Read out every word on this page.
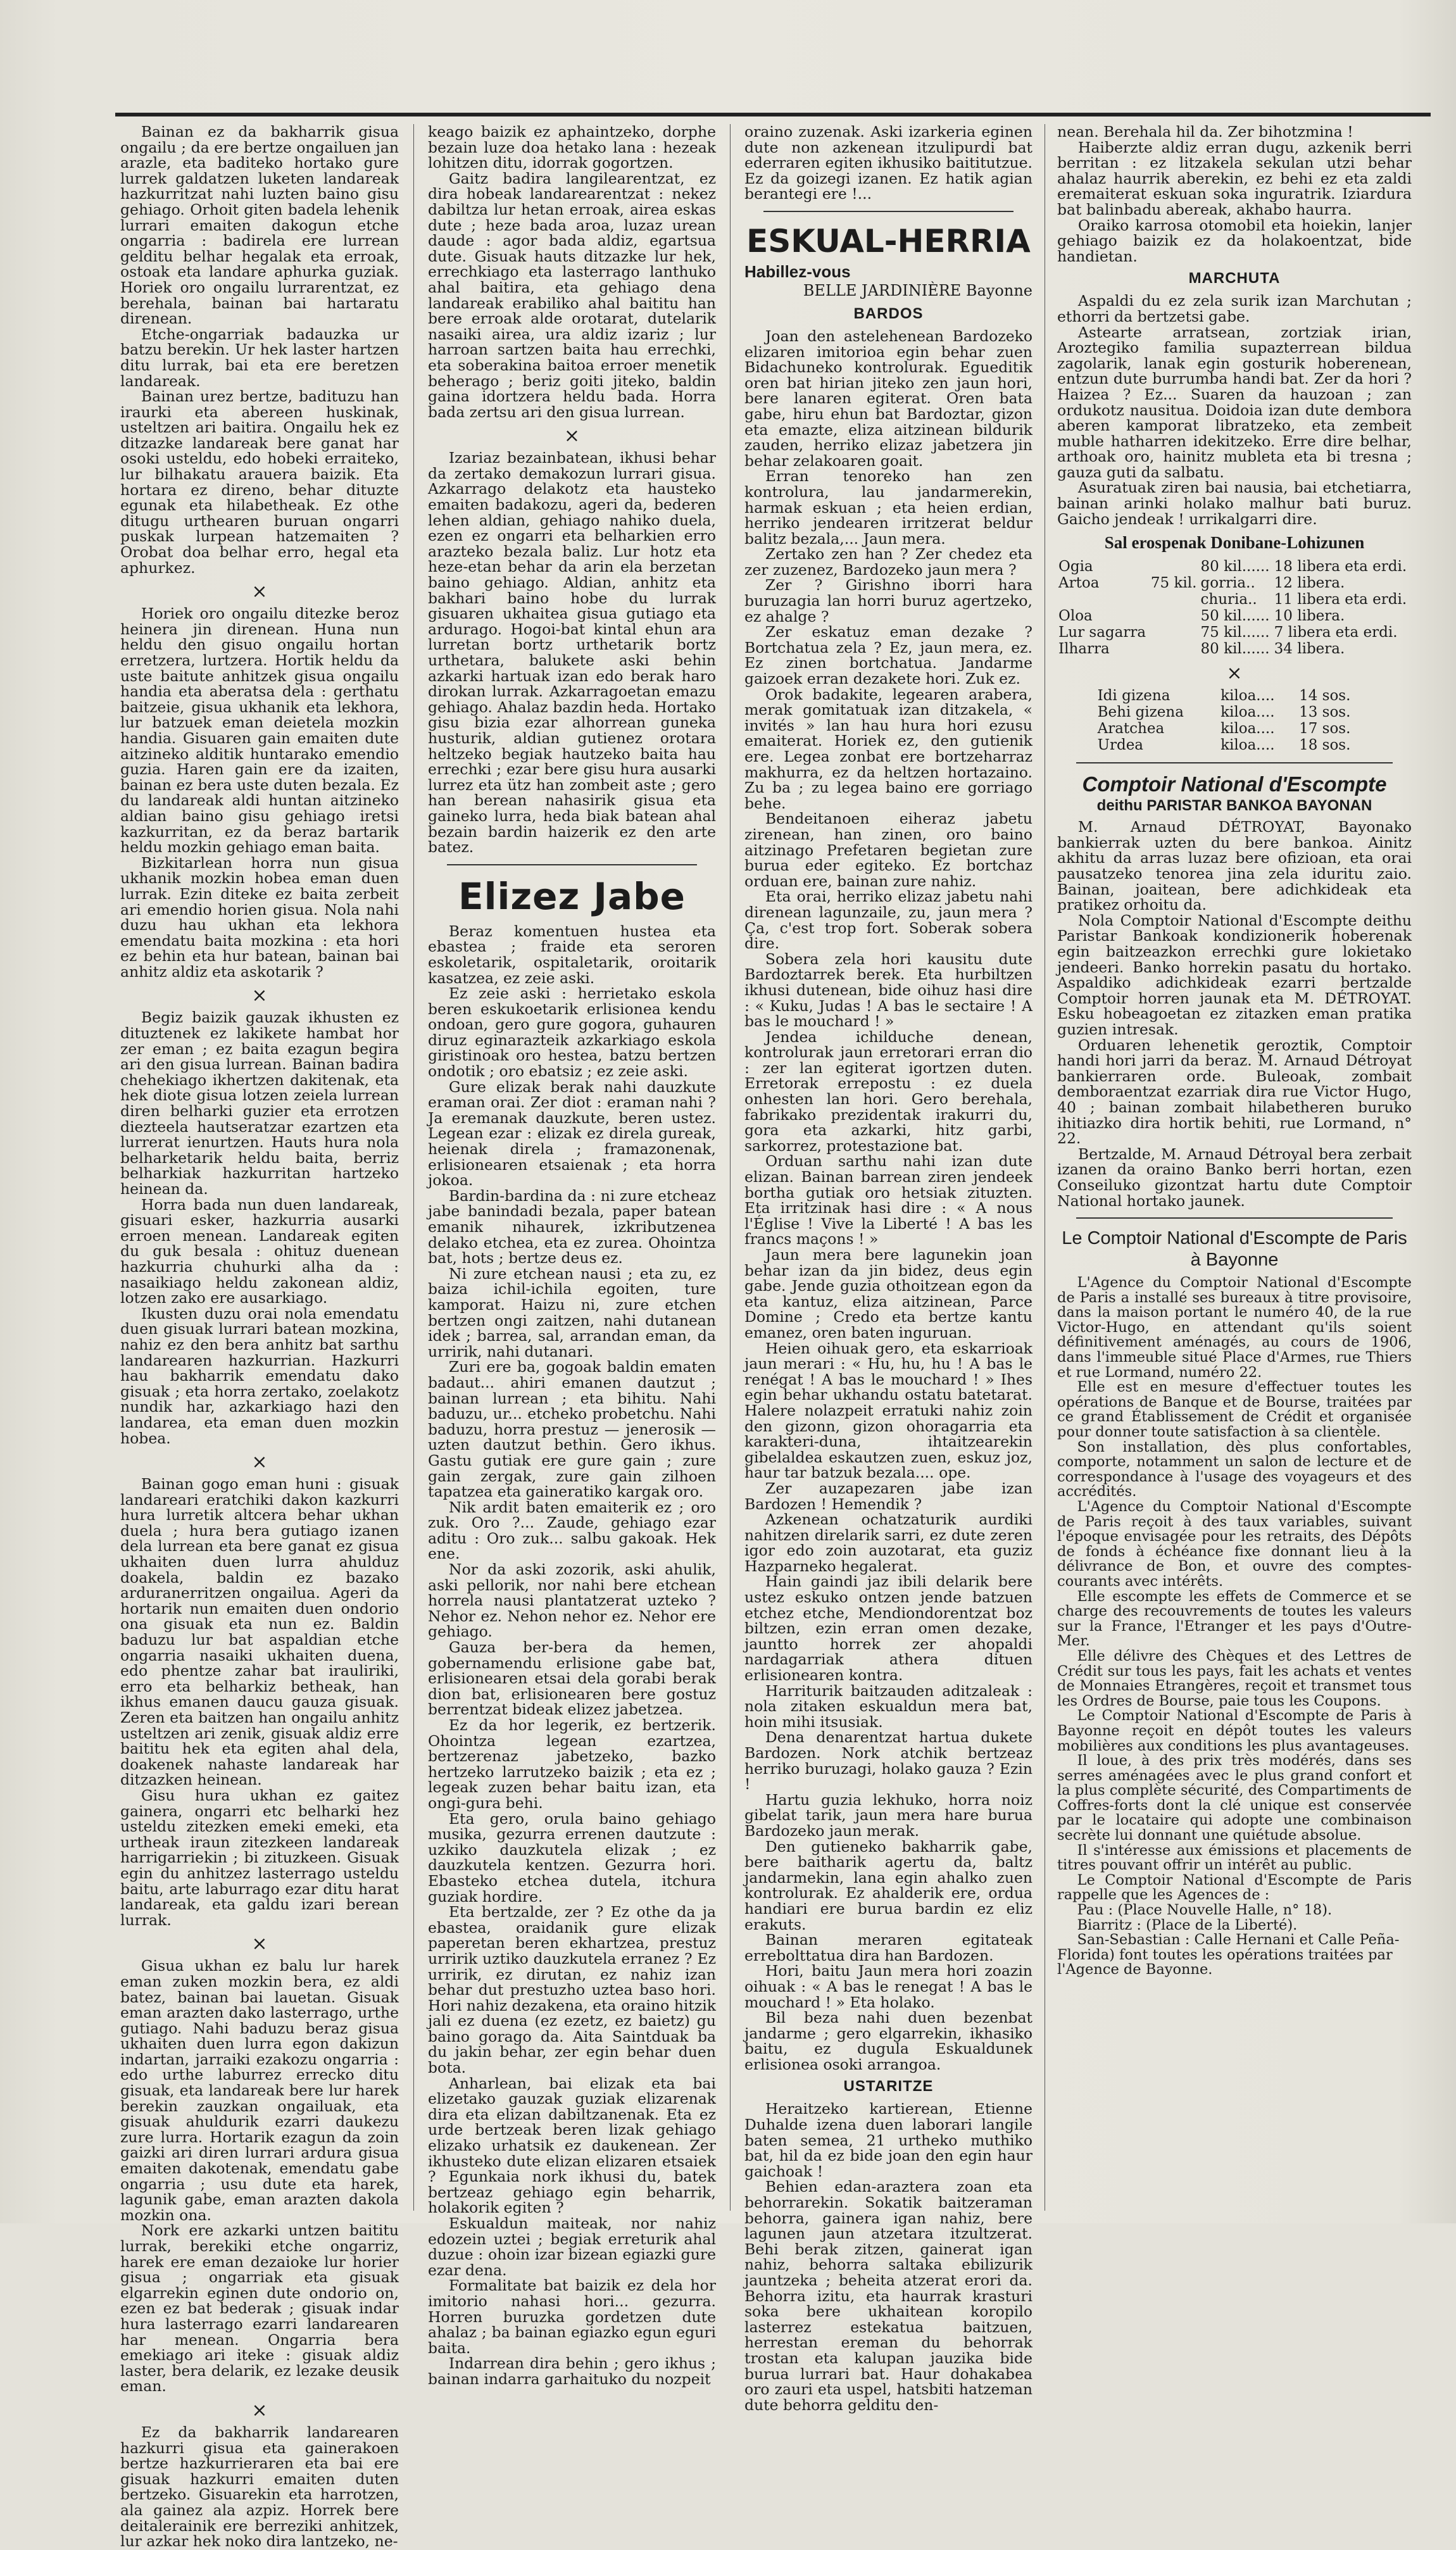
Bainan ez da bakharrik gisua ongailu ; da ere bertze ongailuen jan arazle, eta baditeko hortako gure lurrek galdatzen luketen landareak hazkurritzat nahi luzten baino gisu gehiago. Orhoit giten badela lehenik lurrari emaiten dakogun etche ongarria : badirela ere lurrean gelditu belhar hegalak eta erroak, ostoak eta landare aphurka guziak. Horiek oro ongailu lurrarentzat, ez berehala, bainan bai hartaratu direnean.

Etche-ongarriak badauzka ur batzu berekin. Ur hek laster hartzen ditu lurrak, bai eta ere beretzen landareak.

Bainan urez bertze, badituzu han iraurki eta abereen huskinak, usteltzen ari baitira. Ongailu hek ez ditzazke landareak bere ganat har osoki usteldu, edo hobeki erraiteko, lur bilhakatu arauera baizik. Eta hortara ez direno, behar dituzte egunak eta hilabetheak. Ez othe ditugu urthearen buruan ongarri puskak lurpean hatzemaiten ? Orobat doa belhar erro, hegal eta aphurkez.

×

Horiek oro ongailu ditezke beroz heinera jin direnean. Huna nun heldu den gisuo ongailu hortan erretzera, lurtzera. Hortik heldu da uste baitute anhitzek gisua ongailu handia eta aberatsa dela : gerthatu baitzeie, gisua ukhanik eta lekhora, lur batzuek eman deietela mozkin handia. Gisuaren gain emaiten dute aitzineko alditik huntarako emendio guzia. Haren gain ere da izaiten, bainan ez bera uste duten bezala. Ez du landareak aldi huntan aitzineko aldian baino gisu gehiago iretsi kazkurritan, ez da beraz bartarik heldu mozkin gehiago eman baita.

Bizkitarlean horra nun gisua ukhanik mozkin hobea eman duen lurrak. Ezin diteke ez baita zerbeit ari emendio horien gisua. Nola nahi duzu hau ukhan eta lekhora emendatu baita mozkina : eta hori ez behin eta hur batean, bainan bai anhitz aldiz eta askotarik ?

×

Begiz baizik gauzak ikhusten ez dituztenek ez lakikete hambat hor zer eman ; ez baita ezagun begira ari den gisua lurrean. Bainan badira chehekiago ikhertzen dakitenak, eta hek diote gisua lotzen zeiela lurrean diren belharki guzier eta errotzen diezteela hautseratzar ezartzen eta lurrerat ienurtzen. Hauts hura nola belharketarik heldu baita, berriz belharkiak hazkurritan hartzeko heinean da.

Horra bada nun duen landareak, gisuari esker, hazkurria ausarki erroen menean. Landareak egiten du guk besala : ohituz duenean hazkurria chuhurki alha da : nasaikiago heldu zakonean aldiz, lotzen zako ere ausarkiago.

Ikusten duzu orai nola emendatu duen gisuak lurrari batean mozkina, nahiz ez den bera anhitz bat sarthu landarearen hazkurrian. Hazkurri hau bakharrik emendatu dako gisuak ; eta horra zertako, zoelakotz nundik har, azkarkiago hazi den landarea, eta eman duen mozkin hobea.

×

Bainan gogo eman huni : gisuak landareari eratchiki dakon kazkurri hura lurretik altcera behar ukhan duela ; hura bera gutiago izanen dela lurrean eta bere ganat ez gisua ukhaiten duen lurra ahulduz doakela, baldin ez bazako arduranerritzen ongailua. Ageri da hortarik nun emaiten duen ondorio ona gisuak eta nun ez. Baldin baduzu lur bat aspaldian etche ongarria nasaiki ukhaiten duena, edo phentze zahar bat irauliriki, erro eta belharkiz betheak, han ikhus emanen daucu gauza gisuak. Zeren eta baitzen han ongailu anhitz usteltzen ari zenik, gisuak aldiz erre baititu hek eta egiten ahal dela, doakenek nahaste landareak har ditzazken heinean.

Gisu hura ukhan ez gaitez gainera, ongarri etc belharki hez usteldu zitezken emeki emeki, eta urtheak iraun zitezkeen landareak harrigarriekin ; bi zituzkeen. Gisuak egin du anhitzez lasterrago usteldu baitu, arte laburrago ezar ditu harat landareak, eta galdu izari berean lurrak.

×

Gisua ukhan ez balu lur harek eman zuken mozkin bera, ez aldi batez, bainan bai lauetan. Gisuak eman arazten dako lasterrago, urthe gutiago. Nahi baduzu beraz gisua ukhaiten duen lurra egon dakizun indartan, jarraiki ezakozu ongarria : edo urthe laburrez errecko ditu gisuak, eta landareak bere lur harek berekin zauzkan ongailuak, eta gisuak ahuldurik ezarri daukezu zure lurra. Hortarik ezagun da zoin gaizki ari diren lurrari ardura gisua emaiten dakotenak, emendatu gabe ongarria ; usu dute eta harek, lagunik gabe, eman arazten dakola mozkin ona.

Nork ere azkarki untzen baititu lurrak, berekiki etche ongarriz, harek ere eman dezaioke lur horier gisua ; ongarriak eta gisuak elgarrekin eginen dute ondorio on, ezen ez bat bederak ; gisuak indar hura lasterrago ezarri landarearen har menean. Ongarria bera emekiago ari iteke : gisuak aldiz laster, bera delarik, ez lezake deusik eman.

×

Ez da bakharrik landarearen hazkurri gisua eta gainerakoen bertze hazkurrieraren eta bai ere gisuak hazkurri emaiten duten bertzeko. Gisuarekin eta harrotzen, ala gainez ala azpiz. Horrek bere deitalerainik ere berreziki anhitzek, lur azkar hek noko dira lantzeko, ne-

keago baizik ez aphaintzeko, dorphe bezain luze doa hetako lana : hezeak lohitzen ditu, idorrak gogortzen.

Gaitz badira langilearentzat, ez dira hobeak landarearentzat : nekez dabiltza lur hetan erroak, airea eskas dute ; heze bada aroa, luzaz urean daude : agor bada aldiz, egartsua dute. Gisuak hauts ditzazke lur hek, errechkiago eta lasterrago lanthuko ahal baitira, eta gehiago dena landareak erabiliko ahal baititu han bere erroak alde orotarat, dutelarik nasaiki airea, ura aldiz izariz ; lur harroan sartzen baita hau errechki, eta soberakina baitoa erroer menetik beherago ; beriz goiti jiteko, baldin gaina idortzera heldu bada. Horra bada zertsu ari den gisua lurrean.

×

Izariaz bezainbatean, ikhusi behar da zertako demakozun lurrari gisua. Azkarrago delakotz eta hausteko emaiten badakozu, ageri da, bederen lehen aldian, gehiago nahiko duela, ezen ez ongarri eta belharkien erro arazteko bezala baliz. Lur hotz eta heze-etan behar da arin ela berzetan baino gehiago. Aldian, anhitz eta bakhari baino hobe du lurrak gisuaren ukhaitea gisua gutiago eta ardurago. Hogoi-bat kintal ehun ara lurretan bortz urthetarik bortz urthetara, balukete aski behin azkarki hartuak izan edo berak haro dirokan lurrak. Azkarragoetan emazu gehiago. Ahalaz bazdin heda. Hortako gisu bizia ezar alhorrean guneka husturik, aldian gutienez orotara heltzeko begiak hautzeko baita hau errechki ; ezar bere gisu hura ausarki lurrez eta ütz han zombeit aste ; gero han berean nahasirik gisua eta gaineko lurra, heda biak batean ahal bezain bardin haizerik ez den arte batez.

Elizez Jabe

Beraz komentuen hustea eta ebastea ; fraide eta seroren eskoletarik, ospitaletarik, oroitarik kasatzea, ez zeie aski.

Ez zeie aski : herrietako eskola beren eskukoetarik erlisionea kendu ondoan, gero gure gogora, guhauren diruz eginarazteik azkarkiago eskola giristinoak oro hestea, batzu bertzen ondotik ; oro ebatsiz ; ez zeie aski.

Gure elizak berak nahi dauzkute eraman orai. Zer diot : eraman nahi ? Ja eremanak dauzkute, beren ustez. Legean ezar : elizak ez direla gureak, heienak direla ; framazonenak, erlisionearen etsaienak ; eta horra jokoa.

Bardin-bardina da : ni zure etcheaz jabe banindadi bezala, paper batean emanik nihaurek, izkributzenea delako etchea, eta ez zurea. Ohointza bat, hots ; bertze deus ez.

Ni zure etchean nausi ; eta zu, ez baiza ichil-ichila egoiten, ture kamporat. Haizu ni, zure etchen bertzen ongi zaitzen, nahi dutanean idek ; barrea, sal, arrandan eman, da urririk, nahi dutanari.

Zuri ere ba, gogoak baldin ematen badaut... ahiri emanen dautzut ; bainan lurrean ; eta bihitu. Nahi baduzu, ur... etcheko probetchu. Nahi baduzu, horra prestuz — jenerosik — uzten dautzut bethin. Gero ikhus. Gastu gutiak ere gure gain ; zure gain zergak, zure gain zilhoen tapatzea eta gaineratiko kargak oro.

Nik ardit baten emaiterik ez ; oro zuk. Oro ?... Zaude, gehiago ezar aditu : Oro zuk... salbu gakoak. Hek ene.

Nor da aski zozorik, aski ahulik, aski pellorik, nor nahi bere etchean horrela nausi plantatzerat uzteko ? Nehor ez. Nehon nehor ez. Nehor ere gehiago.

Gauza ber-bera da hemen, gobernamendu erlisione gabe bat, erlisionearen etsai dela gorabi berak dion bat, erlisionearen bere gostuz berrentzat bideak elizez jabetzea.

Ez da hor legerik, ez bertzerik. Ohointza legean ezartzea, bertzerenaz jabetzeko, bazko hertzeko larrutzeko baizik ; eta ez ; legeak zuzen behar baitu izan, eta ongi-gura behi.

Eta gero, orula baino gehiago musika, gezurra errenen dautzute : uzkiko dauzkutela elizak ; ez dauzkutela kentzen. Gezurra hori. Ebasteko etchea dutela, itchura guziak hordire.

Eta bertzalde, zer ? Ez othe da ja ebastea, oraidanik gure elizak paperetan beren ekhartzea, prestuz urririk uztiko dauzkutela erranez ? Ez urririk, ez dirutan, ez nahiz izan behar dut prestuzho uztea baso hori. Hori nahiz dezakena, eta oraino hitzik jali ez duena (ez ezetz, ez baietz) gu baino gorago da. Aita Saintduak ba du jakin behar, zer egin behar duen bota.

Anharlean, bai elizak eta bai elizetako gauzak guziak elizarenak dira eta elizan dabiltzanenak. Eta ez urde bertzeak beren lizak gehiago elizako urhatsik ez daukenean. Zer ikhusteko dute elizan elizaren etsaiek ? Egunkaia nork ikhusi du, batek bertzeaz gehiago egin beharrik, holakorik egiten ?

Eskualdun maiteak, nor nahiz edozein uztei ; begiak erreturik ahal duzue : ohoin izar bizean egiazki gure ezar dena.

Formalitate bat baizik ez dela hor imitorio nahasi hori... gezurra. Horren buruzka gordetzen dute ahalaz ; ba bainan egiazko egun eguri baita.

Indarrean dira behin ; gero ikhus ; bainan indarra garhaituko du nozpeit

oraino zuzenak. Aski izarkeria eginen dute non azkenean itzulipurdi bat ederraren egiten ikhusiko baititutzue. Ez da goizegi izanen. Ez hatik agian berantegi ere !...

ESKUAL-HERRIA
Habillez-vous
BELLE JARDINIÈRE Bayonne
BARDOS

Joan den astelehenean Bardozeko elizaren imitorioa egin behar zuen Bidachuneko kontrolurak. Egueditik oren bat hirian jiteko zen jaun hori, bere lanaren egiterat. Oren bata gabe, hiru ehun bat Bardoztar, gizon eta emazte, eliza aitzinean bildurik zauden, herriko elizaz jabetzera jin behar zelakoaren goait.

Erran tenoreko han zen kontrolura, lau jandarmerekin, harmak eskuan ; eta heien erdian, herriko jendearen irritzerat beldur balitz bezala,... Jaun mera.

Zertako zen han ? Zer chedez eta zer zuzenez, Bardozeko jaun mera ?

Zer ? Girishno iborri hara buruzagia lan horri buruz agertzeko, ez ahalge ?

Zer eskatuz eman dezake ? Bortchatua zela ? Ez, jaun mera, ez. Ez zinen bortchatua. Jandarme gaizoek erran dezakete hori. Zuk ez.

Orok badakite, legearen arabera, merak gomitatuak izan ditzakela, « invités » lan hau hura hori ezusu emaiterat. Horiek ez, den gutienik ere. Legea zonbat ere bortzeharraz makhurra, ez da heltzen hortazaino. Zu ba ; zu legea baino ere gorriago behe.

Bendeitanoen eiheraz jabetu zirenean, han zinen, oro baino aitzinago Prefetaren begietan zure burua eder egiteko. Ez bortchaz orduan ere, bainan zure nahiz.

Eta orai, herriko elizaz jabetu nahi direnean lagunzaile, zu, jaun mera ? Ça, c'est trop fort. Soberak sobera dire.

Sobera zela hori kausitu dute Bardoztarrek berek. Eta hurbiltzen ikhusi dutenean, bide oihuz hasi dire : « Kuku, Judas ! A bas le sectaire ! A bas le mouchard ! »

Jendea ichilduche denean, kontrolurak jaun erretorari erran dio : zer lan egiterat igortzen duten. Erretorak errepostu : ez duela onhesten lan hori. Gero berehala, fabrikako prezidentak irakurri du, gora eta azkarki, hitz garbi, sarkorrez, protestazione bat.

Orduan sarthu nahi izan dute elizan. Bainan barrean ziren jendeek bortha gutiak oro hetsiak zituzten. Eta irritzinak hasi dire : « A nous l'Église ! Vive la Liberté ! A bas les francs maçons ! »

Jaun mera bere lagunekin joan behar izan da jin bidez, deus egin gabe. Jende guzia othoitzean egon da eta kantuz, eliza aitzinean, Parce Domine ; Credo eta bertze kantu emanez, oren baten inguruan.

Heien oihuak gero, eta eskarrioak jaun merari : « Hu, hu, hu ! A bas le renégat ! A bas le mouchard ! » Ihes egin behar ukhandu ostatu batetarat. Halere nolazpeit erratuki nahiz zoin den gizonn, gizon ohoragarria eta karakteri-duna, ihtaitzearekin gibelaldea eskautzen zuen, eskuz joz, haur tar batzuk bezala.... ope.

Zer auzapezaren jabe izan Bardozen ! Hemendik ?

Azkenean ochatzaturik aurdiki nahitzen direlarik sarri, ez dute zeren igor edo zoin auzotarat, eta guziz Hazparneko hegalerat.

Hain gaindi jaz ibili delarik bere ustez eskuko ontzen jende batzuen etchez etche, Mendiondorentzat boz biltzen, ezin erran omen dezake, jauntto horrek zer ahopaldi nardagarriak athera dituen erlisionearen kontra.

Harriturik baitzauden aditzaleak : nola zitaken eskualdun mera bat, hoin mihi itsusiak.

Dena denarentzat hartua dukete Bardozen. Nork atchik bertzeaz herriko buruzagi, holako gauza ? Ezin !

Hartu guzia lekhuko, horra noiz gibelat tarik, jaun mera hare burua Bardozeko jaun merak.

Den gutieneko bakharrik gabe, bere baitharik agertu da, baltz jandarmekin, lana egin ahalko zuen kontrolurak. Ez ahalderik ere, ordua handiari ere burua bardin ez eliz erakuts.

Bainan meraren egitateak errebolttatua dira han Bardozen.

Hori, baitu Jaun mera hori zoazin oihuak : « A bas le renegat ! A bas le mouchard ! » Eta holako.

Bil beza nahi duen bezenbat jandarme ; gero elgarrekin, ikhasiko baitu, ez dugula Eskualdunek erlisionea osoki arrangoa.

USTARITZE

Heraitzeko kartierean, Etienne Duhalde izena duen laborari langile baten semea, 21 urtheko muthiko bat, hil da ez bide joan den egin haur gaichoak !

Behien edan-araztera zoan eta behorrarekin. Sokatik baitzeraman behorra, gainera igan nahiz, bere lagunen jaun atzetara itzultzerat. Behi berak zitzen, gainerat igan nahiz, behorra saltaka ebilizurik jauntzeka ; beheita atzerat erori da. Behorra izitu, eta haurrak krasturi soka bere ukhaitean koropilo lasterrez estekatua baitzuen, herrestan ereman du behorrak trostan eta kalupan jauzika bide burua lurrari bat. Haur dohakabea oro zauri eta uspel, hatsbiti hatzeman dute behorra gelditu den-

nean. Berehala hil da. Zer bihotzmina !

Haiberzte aldiz erran dugu, azkenik berri berritan : ez litzakela sekulan utzi behar ahalaz haurrik aberekin, ez behi ez eta zaldi eremaiterat eskuan soka inguratrik. Iziardura bat balinbadu abereak, akhabo haurra.

Oraiko karrosa otomobil eta hoiekin, lanjer gehiago baizik ez da holakoentzat, bide handietan.

MARCHUTA

Aspaldi du ez zela surik izan Marchutan ; ethorri da bertzetsi gabe.

Astearte arratsean, zortziak irian, Aroztegiko familia supazterrean bildua zagolarik, lanak egin gosturik hoberenean, entzun dute burrumba handi bat. Zer da hori ? Haizea ? Ez... Suaren da hauzoan ; zan ordukotz nausitua. Doidoia izan dute dembora aberen kamporat libratzeko, eta zembeit muble hatharren idekitzeko. Erre dire belhar, arthoak oro, hainitz mubleta eta bi tresna ; gauza guti da salbatu.

Asuratuak ziren bai nausia, bai etchetiarra, bainan arinki holako malhur bati buruz. Gaicho jendeak ! urrikalgarri dire.

Sal erospenak Donibane-Lohizunen
Ogia		80 kil......	18 libera eta erdi.
Artoa	75 kil.	gorria..	12 libera.
		churia..	11 libera eta erdi.
Oloa		50 kil......	10 libera.
Lur sagarra		75 kil......	7 libera eta erdi.
Ilharra		80 kil......	34 libera.
×
Idi gizena	kiloa....	14 sos.
Behi gizena	kiloa....	13 sos.
Aratchea	kiloa....	17 sos.
Urdea	kiloa....	18 sos.
Comptoir National d'Escompte
deithu PARISTAR BANKOA BAYONAN

M. Arnaud DÉTROYAT, Bayonako bankierrak uzten du bere bankoa. Ainitz akhitu da arras luzaz bere ofizioan, eta orai pausatzeko tenorea jina zela iduritu zaio. Bainan, joaitean, bere adichkideak eta pratikez orhoitu da.

Nola Comptoir National d'Escompte deithu Paristar Bankoak kondizionerik hoberenak egin baitzeazkon errechki gure lokietako jendeeri. Banko horrekin pasatu du hortako. Aspaldiko adichkideak ezarri bertzalde Comptoir horren jaunak eta M. DÉTROYAT. Esku hobeagoetan ez zitazken eman pratika guzien intresak.

Orduaren lehenetik geroztik, Comptoir handi hori jarri da beraz. M. Arnaud Détroyat bankierraren orde. Buleoak, zombait demboraentzat ezarriak dira rue Victor Hugo, 40 ; bainan zombait hilabetheren buruko ihitiazko dira hortik behiti, rue Lormand, n° 22.

Bertzalde, M. Arnaud Détroyal bera zerbait izanen da oraino Banko berri hortan, ezen Conseiluko gizontzat hartu dute Comptoir National hortako jaunek.

Le Comptoir National d'Escompte de Paris à Bayonne

L'Agence du Comptoir National d'Escompte de Paris a installé ses bureaux à titre provisoire, dans la maison portant le numéro 40, de la rue Victor-Hugo, en attendant qu'ils soient définitivement aménagés, au cours de 1906, dans l'immeuble situé Place d'Armes, rue Thiers et rue Lormand, numéro 22.

Elle est en mesure d'effectuer toutes les opérations de Banque et de Bourse, traitées par ce grand Établissement de Crédit et organisée pour donner toute satisfaction à sa clientèle.

Son installation, dès plus confortables, comporte, notamment un salon de lecture et de correspondance à l'usage des voyageurs et des accrédités.

L'Agence du Comptoir National d'Escompte de Paris reçoit à des taux variables, suivant l'époque envisagée pour les retraits, des Dépôts de fonds à échéance fixe donnant lieu à la délivrance de Bon, et ouvre des comptes-courants avec intérêts.

Elle escompte les effets de Commerce et se charge des recouvrements de toutes les valeurs sur la France, l'Etranger et les pays d'Outre-Mer.

Elle délivre des Chèques et des Lettres de Crédit sur tous les pays, fait les achats et ventes de Monnaies Etrangères, reçoit et transmet tous les Ordres de Bourse, paie tous les Coupons.

Le Comptoir National d'Escompte de Paris à Bayonne reçoit en dépôt toutes les valeurs mobilières aux conditions les plus avantageuses.

Il loue, à des prix très modérés, dans ses serres aménagées avec le plus grand confort et la plus complète sécurité, des Compartiments de Coffres-forts dont la clé unique est conservée par le locataire qui adopte une combinaison secrète lui donnant une quiétude absolue.

Il s'intéresse aux émissions et placements de titres pouvant offrir un intérêt au public.

Le Comptoir National d'Escompte de Paris rappelle que les Agences de :

Pau : (Place Nouvelle Halle, n° 18).

Biarritz : (Place de la Liberté).

San-Sebastian : Calle Hernani et Calle Peña-Florida) font toutes les opérations traitées par l'Agence de Bayonne.
